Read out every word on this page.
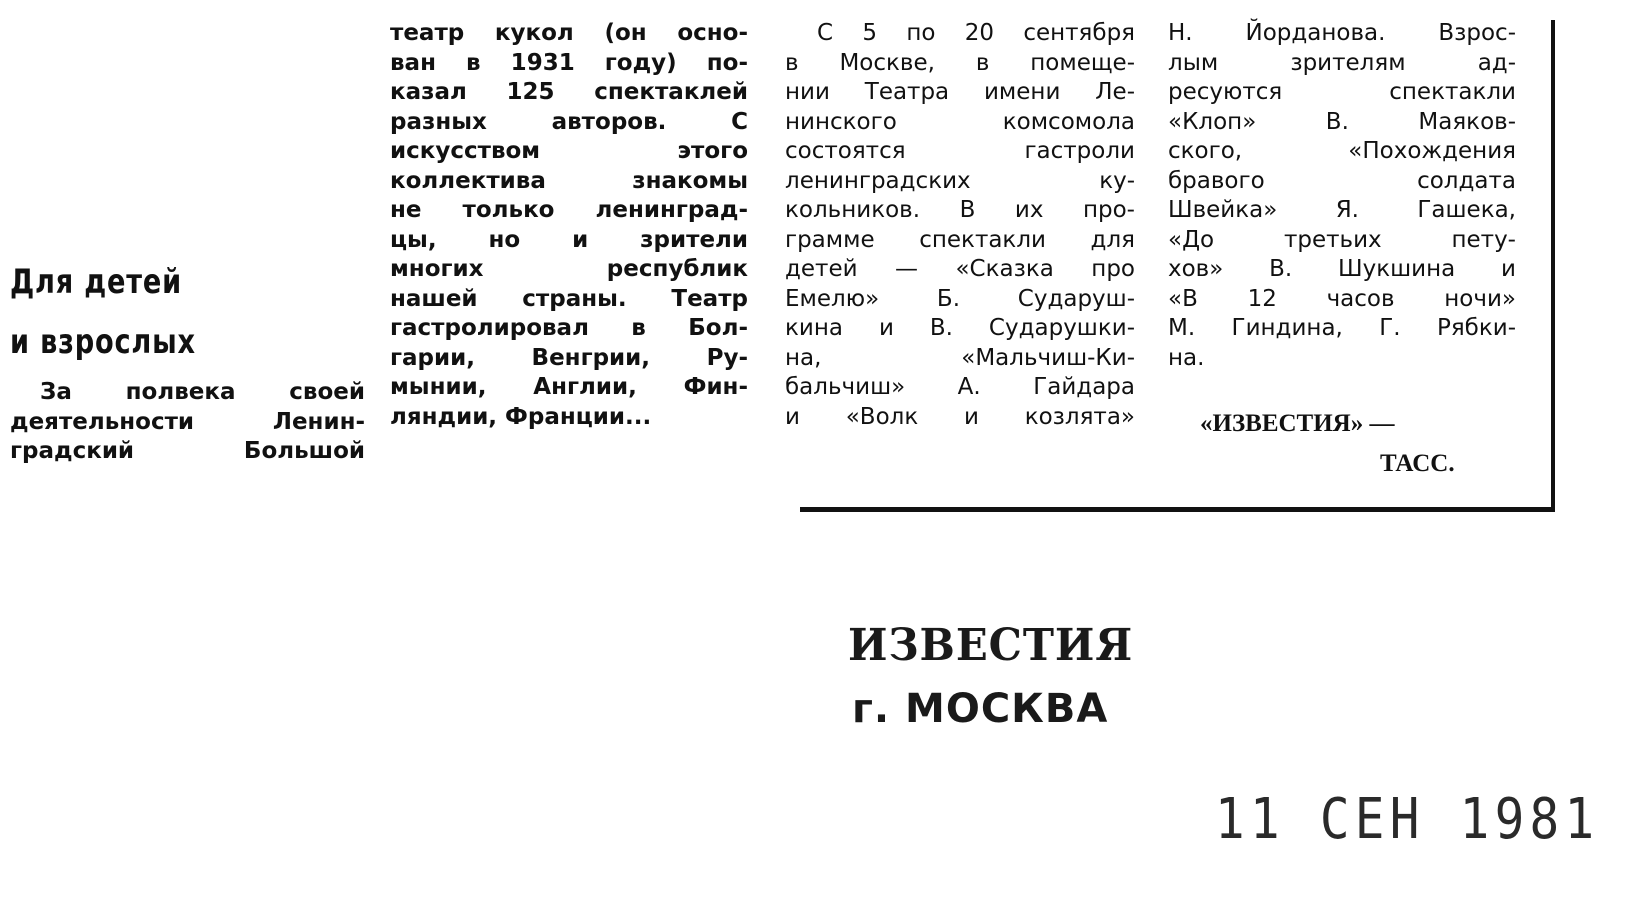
Для детей
и взрослых
За полвека своей
деятельности Ленин-
градский Большой
театр кукол (он осно-
ван в 1931 году) по-
казал 125 спектаклей
разных авторов. С
искусством этого
коллектива знакомы
не только ленинград-
цы, но и зрители
многих республик
нашей страны. Театр
гастролировал в Бол-
гарии, Венгрии, Ру-
мынии, Англии, Фин-
ляндии, Франции...
С 5 по 20 сентября
в Москве, в помеще-
нии Театра имени Ле-
нинского комсомола
состоятся гастроли
ленинградских ку-
кольников. В их про-
грамме спектакли для
детей — «Сказка про
Емелю» Б. Сударуш-
кина и В. Сударушки-
на, «Мальчиш-Ки-
бальчиш» А. Гайдара
и «Волк и козлята»
Н. Йорданова. Взрос-
лым зрителям ад-
ресуются спектакли
«Клоп» В. Маяков-
ского, «Похождения
бравого солдата
Швейка» Я. Гашека,
«До третьих пету-
хов» В. Шукшина и
«В 12 часов ночи»
М. Гиндина, Г. Рябки-
на.
«ИЗВЕСТИЯ» —
ТАСС.
ИЗВЕСТИЯ
г. МОСКВА
11 СЕН 1981
